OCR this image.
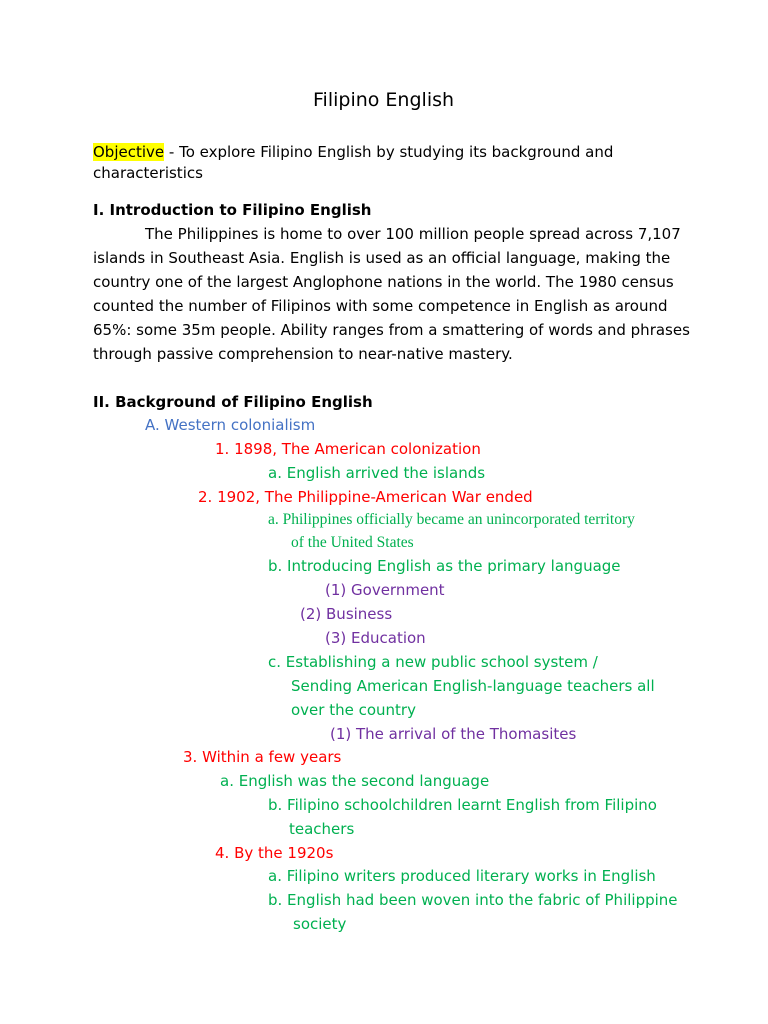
Filipino English
Objective - To explore Filipino English by studying its background and
characteristics
I. Introduction to Filipino English
The Philippines is home to over 100 million people spread across 7,107
islands in Southeast Asia. English is used as an official language, making the
country one of the largest Anglophone nations in the world. The 1980 census
counted the number of Filipinos with some competence in English as around
65%: some 35m people. Ability ranges from a smattering of words and phrases
through passive comprehension to near-native mastery.
II. Background of Filipino English
A. Western colonialism
1. 1898, The American colonization
a. English arrived the islands
2. 1902, The Philippine-American War ended
a. Philippines officially became an unincorporated territory
of the United States
b. Introducing English as the primary language
(1) Government
(2) Business
(3) Education
c. Establishing a new public school system /
Sending American English-language teachers all
over the country
(1) The arrival of the Thomasites
3. Within a few years
a. English was the second language
b. Filipino schoolchildren learnt English from Filipino
teachers
4. By the 1920s
a. Filipino writers produced literary works in English
b. English had been woven into the fabric of Philippine
society
